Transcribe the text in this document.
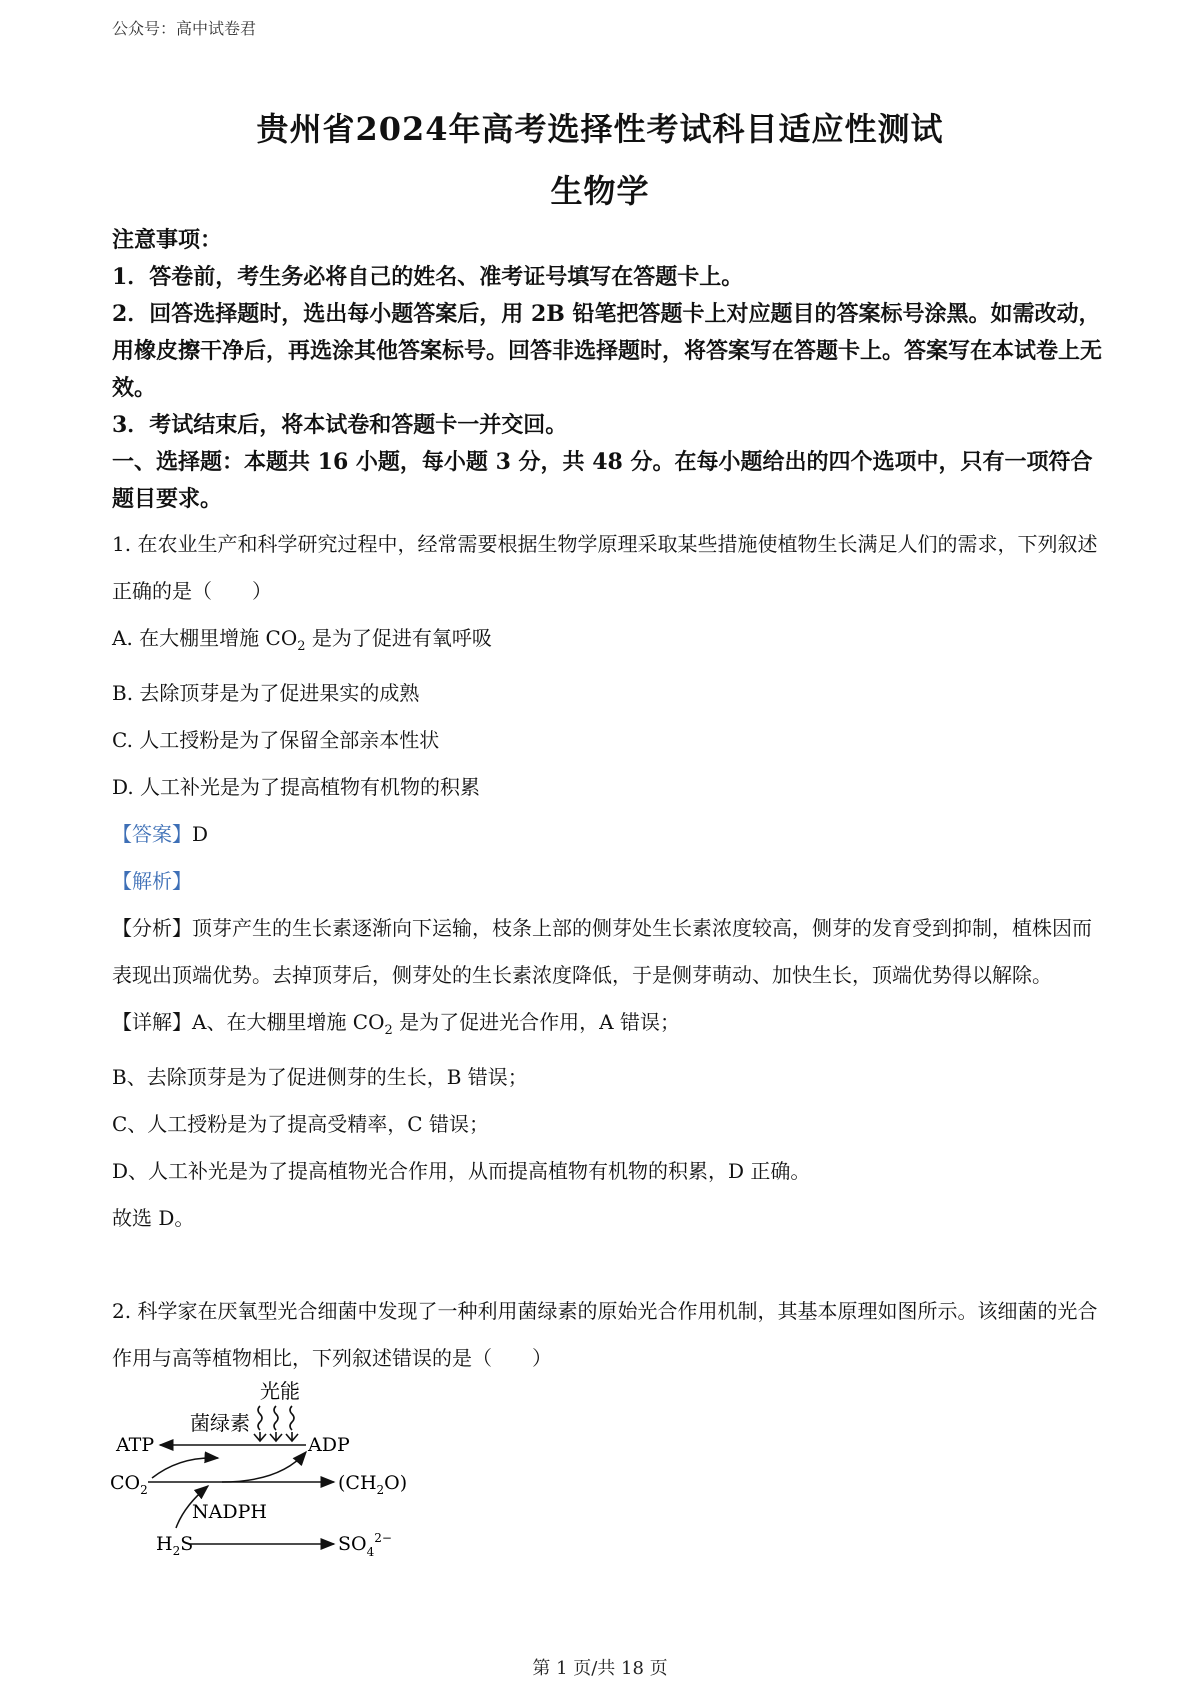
公众号：高中试卷君
贵州省2024年高考选择性考试科目适应性测试
生物学

注意事项：

1．答卷前，考生务必将自己的姓名、准考证号填写在答题卡上。

2．回答选择题时，选出每小题答案后，用 2B 铅笔把答题卡上对应题目的答案标号涂黑。如需改动，用橡皮擦干净后，再选涂其他答案标号。回答非选择题时，将答案写在答题卡上。答案写在本试卷上无效。

3．考试结束后，将本试卷和答题卡一并交回。

一、选择题：本题共 16 小题，每小题 3 分，共 48 分。在每小题给出的四个选项中，只有一项符合题目要求。

1. 在农业生产和科学研究过程中，经常需要根据生物学原理采取某些措施使植物生长满足人们的需求，下列叙述正确的是（　　）

A. 在大棚里增施 $CO_2$ 是为了促进有氧呼吸

B. 去除顶芽是为了促进果实的成熟

C. 人工授粉是为了保留全部亲本性状

D. 人工补光是为了提高植物有机物的积累

【答案】D

【解析】

【分析】顶芽产生的生长素逐渐向下运输，枝条上部的侧芽处生长素浓度较高，侧芽的发育受到抑制，植株因而表现出顶端优势。去掉顶芽后，侧芽处的生长素浓度降低，于是侧芽萌动、加快生长，顶端优势得以解除。

【详解】A、在大棚里增施 $CO_2$ 是为了促进光合作用，A 错误；

B、去除顶芽是为了促进侧芽的生长，B 错误；

C、人工授粉是为了提高受精率，C 错误；

D、人工补光是为了提高植物光合作用，从而提高植物有机物的积累，D 正确。

故选 D。

2. 科学家在厌氧型光合细菌中发现了一种利用菌绿素的原始光合作用机制，其基本原理如图所示。该细菌的光合作用与高等植物相比，下列叙述错误的是（　　）

光能
菌绿素
ATP	ADP
$CO_2$	$(CH_2O)$
NADPH
$H_2S$	$SO_4^{2-}$
第 1 页/共 18 页
